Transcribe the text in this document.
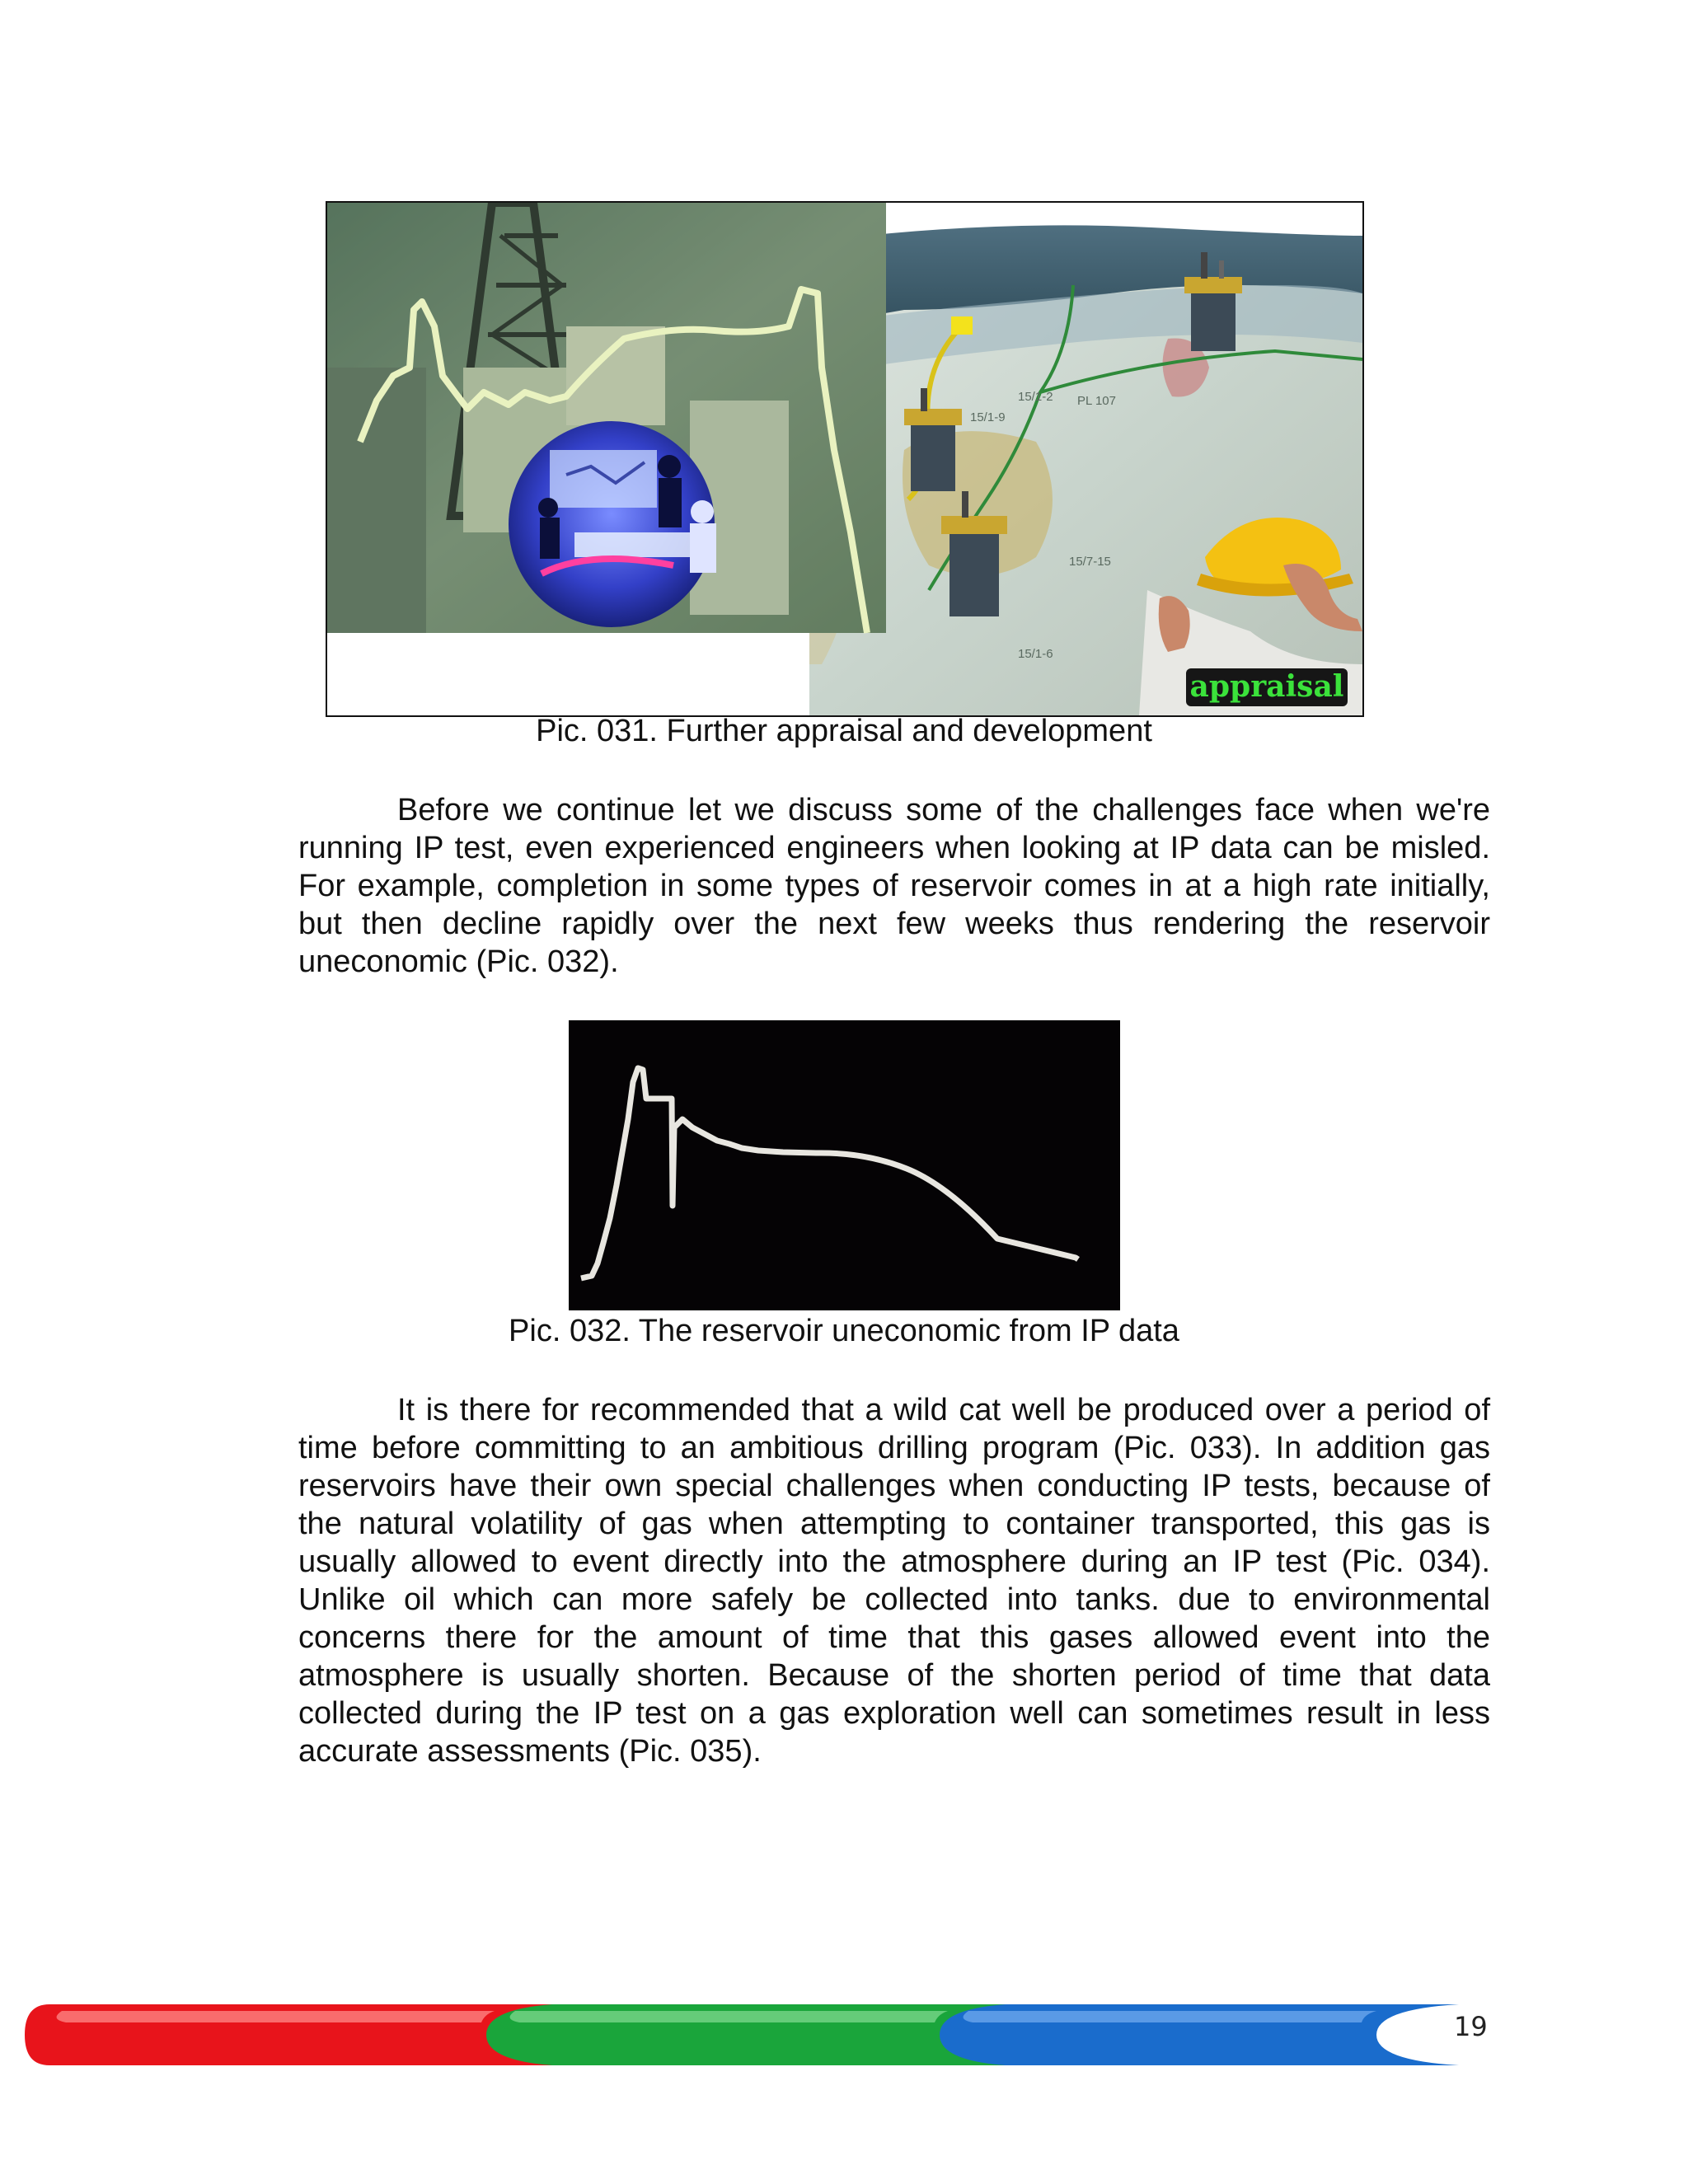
15/1-2
15/1-9
15/7-15
15/1-6
PL 107
appraisal
Pic. 031. Further appraisal and development

Before we continue let we discuss some of the challenges face when we're running IP test, even experienced engineers when looking at IP data can be misled. For example, completion in some types of reservoir comes in at a high rate initially, but then decline rapidly over the next few weeks thus rendering the reservoir uneconomic (Pic. 032).

Pic. 032. The reservoir uneconomic from IP data

It is there for recommended that a wild cat well be produced over a period of time before committing to an ambitious drilling program (Pic. 033). In addition gas reservoirs have their own special challenges when conducting IP tests, because of the natural volatility of gas when attempting to container transported, this gas is usually allowed to event directly into the atmosphere during an IP test (Pic. 034). Unlike oil which can more safely be collected into tanks. due to environmental concerns there for the amount of time that this gases allowed event into the atmosphere is usually shorten. Because of the shorten period of time that data collected during the IP test on a gas exploration well can sometimes result in less accurate assessments (Pic. 035).

19
